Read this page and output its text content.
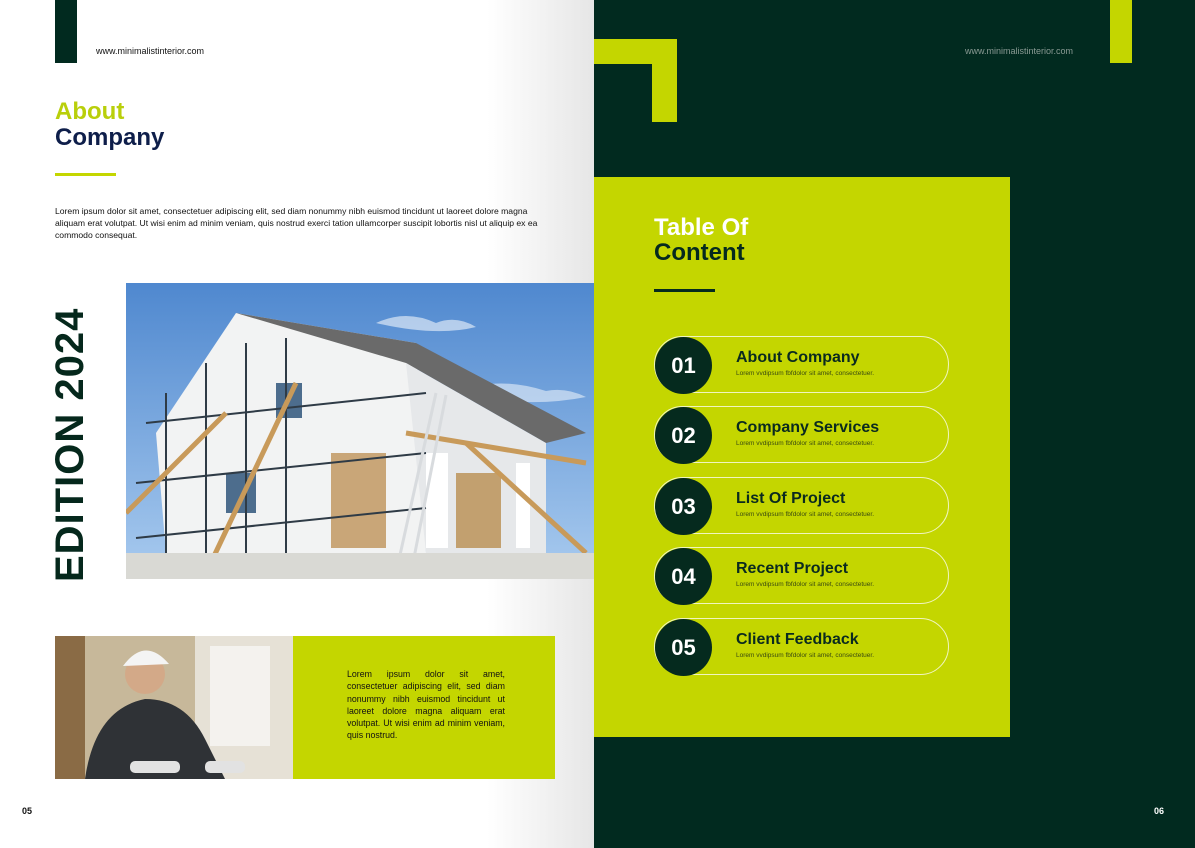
www.minimalistinterior.com
About
Company
Lorem ipsum dolor sit amet, consectetuer adipiscing elit, sed diam nonummy nibh euismod tincidunt ut laoreet dolore magna aliquam erat volutpat. Ut wisi enim ad minim veniam, quis nostrud exerci tation ullamcorper suscipit lobortis nisl ut aliquip ex ea commodo consequat.
EDITION 2024
Lorem ipsum dolor sit amet, consectetuer adipiscing elit, sed diam nonummy nibh euismod tincidunt ut laoreet dolore magna aliquam erat volutpat. Ut wisi enim ad minim veniam, quis nostrud.
05
www.minimalistinterior.com
06
Table Of
Content
01	About Company
Lorem vvdipsum fbfdolor sit amet, consectetuer.
02	Company Services
Lorem vvdipsum fbfdolor sit amet, consectetuer.
03	List Of Project
Lorem vvdipsum fbfdolor sit amet, consectetuer.
04	Recent Project
Lorem vvdipsum fbfdolor sit amet, consectetuer.
05	Client Feedback
Lorem vvdipsum fbfdolor sit amet, consectetuer.
